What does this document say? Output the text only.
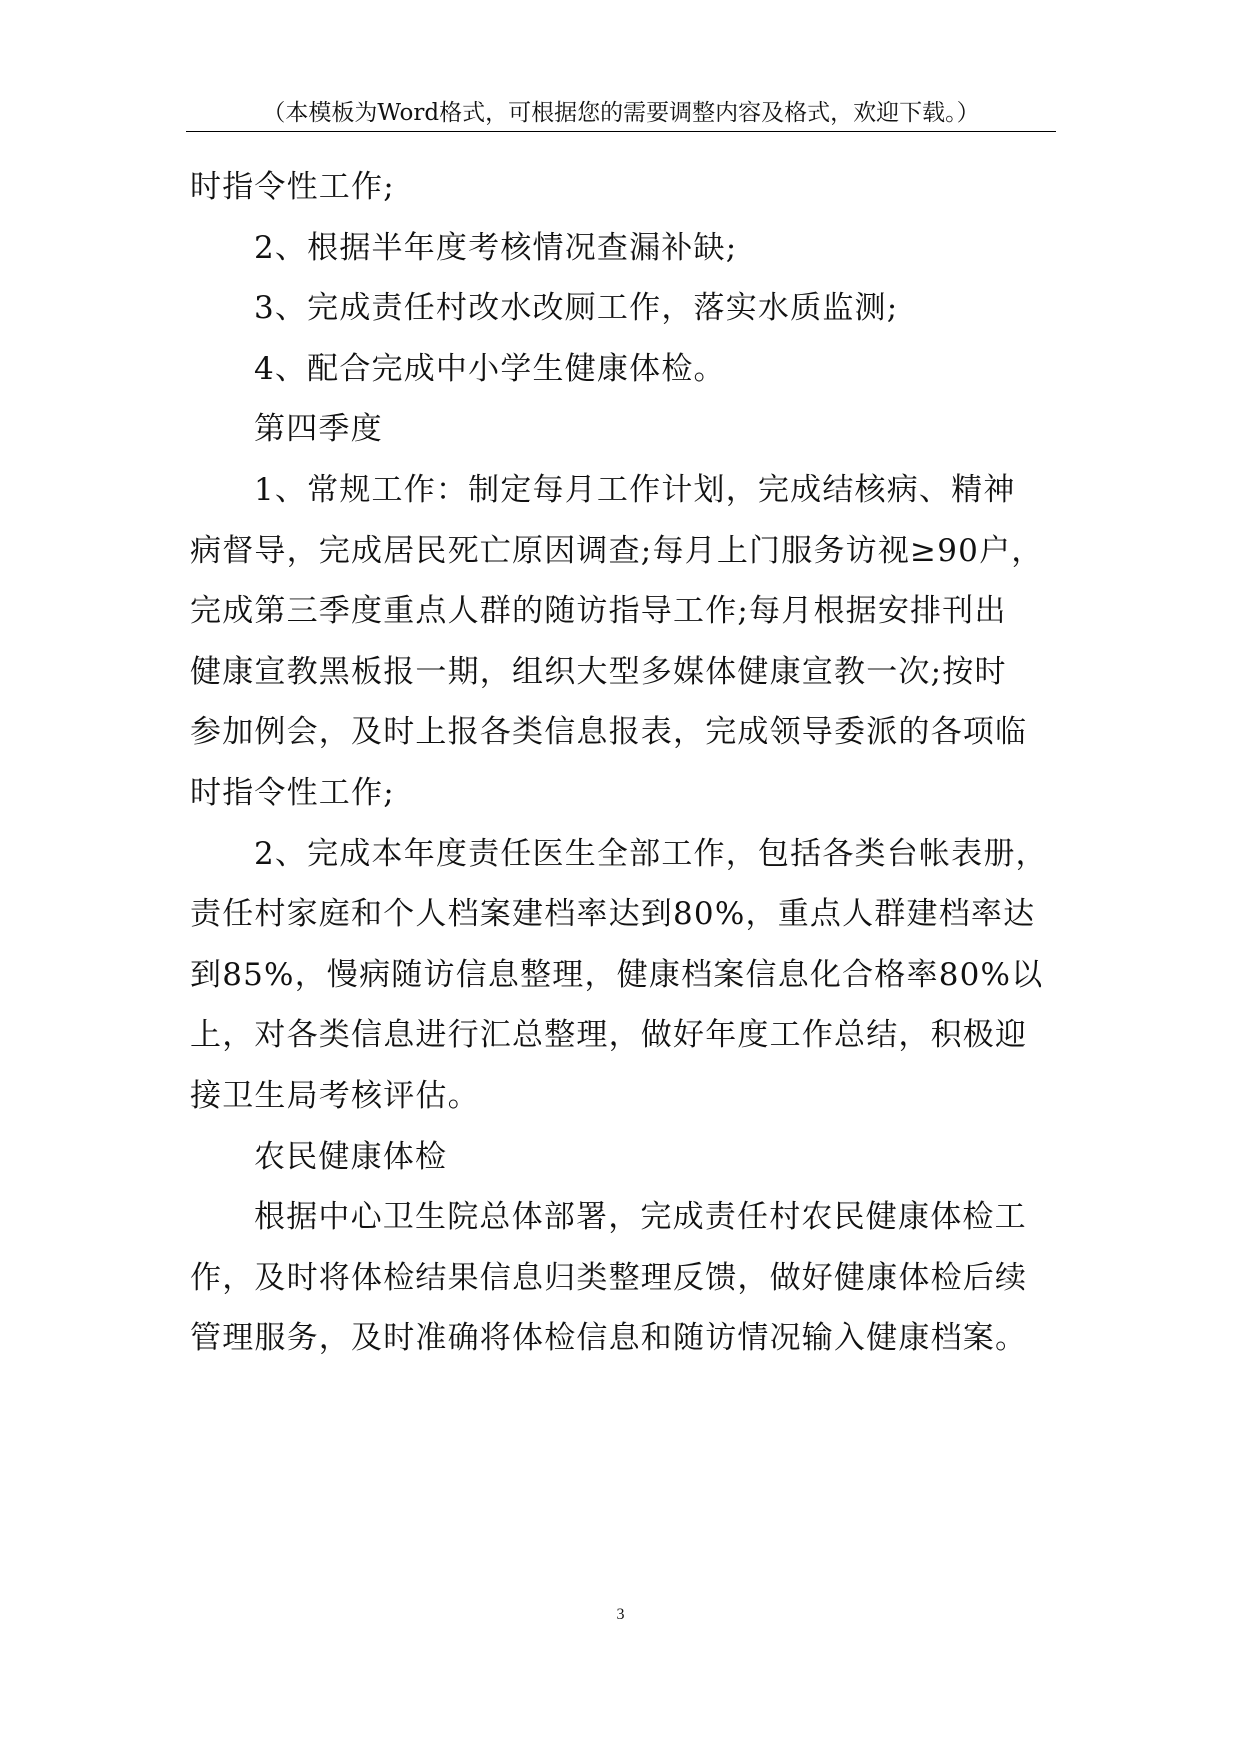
（本模板为Word格式，可根据您的需要调整内容及格式，欢迎下载。）
时指令性工作;
2、根据半年度考核情况查漏补缺;
3、完成责任村改水改厕工作，落实水质监测;
4、配合完成中小学生健康体检。
第四季度
1、常规工作：制定每月工作计划，完成结核病、精神
病督导，完成居民死亡原因调查;每月上门服务访视≥90户，
完成第三季度重点人群的随访指导工作;每月根据安排刊出
健康宣教黑板报一期，组织大型多媒体健康宣教一次;按时
参加例会，及时上报各类信息报表，完成领导委派的各项临
时指令性工作;
2、完成本年度责任医生全部工作，包括各类台帐表册，
责任村家庭和个人档案建档率达到80%，重点人群建档率达
到85%，慢病随访信息整理，健康档案信息化合格率80%以
上，对各类信息进行汇总整理，做好年度工作总结，积极迎
接卫生局考核评估。
农民健康体检
根据中心卫生院总体部署，完成责任村农民健康体检工
作，及时将体检结果信息归类整理反馈，做好健康体检后续
管理服务，及时准确将体检信息和随访情况输入健康档案。
3
